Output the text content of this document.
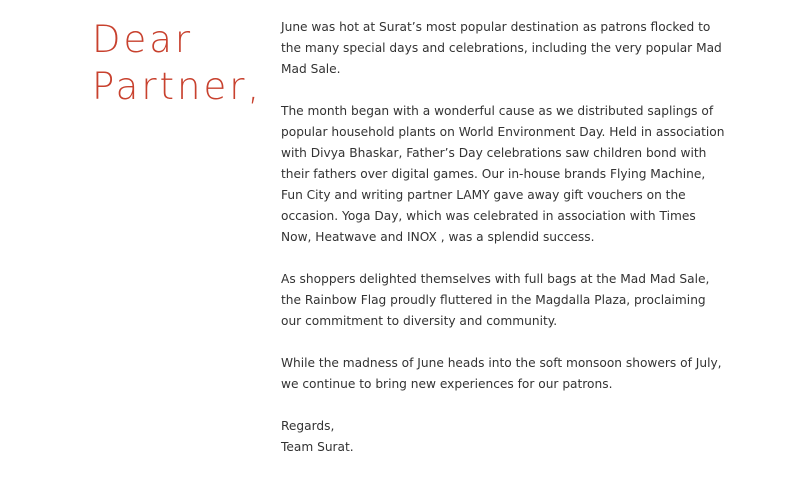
Dear
Partner,

June was hot at Surat’s most popular destination as patrons flocked to the many special days and celebrations, including the very popular Mad Mad Sale.

The month began with a wonderful cause as we distributed saplings of popular household plants on World Environment Day. Held in association with Divya Bhaskar, Father’s Day celebrations saw children bond with their fathers over digital games. Our in-house brands Flying Machine, Fun City and writing partner LAMY gave away gift vouchers on the occasion. Yoga Day, which was celebrated in association with Times Now, Heatwave and INOX , was a splendid success.

As shoppers delighted themselves with full bags at the Mad Mad Sale, the Rainbow Flag proudly fluttered in the Magdalla Plaza, proclaiming our commitment to diversity and community.

While the madness of June heads into the soft monsoon showers of July, we continue to bring new experiences for our patrons.

Regards,
Team Surat.
